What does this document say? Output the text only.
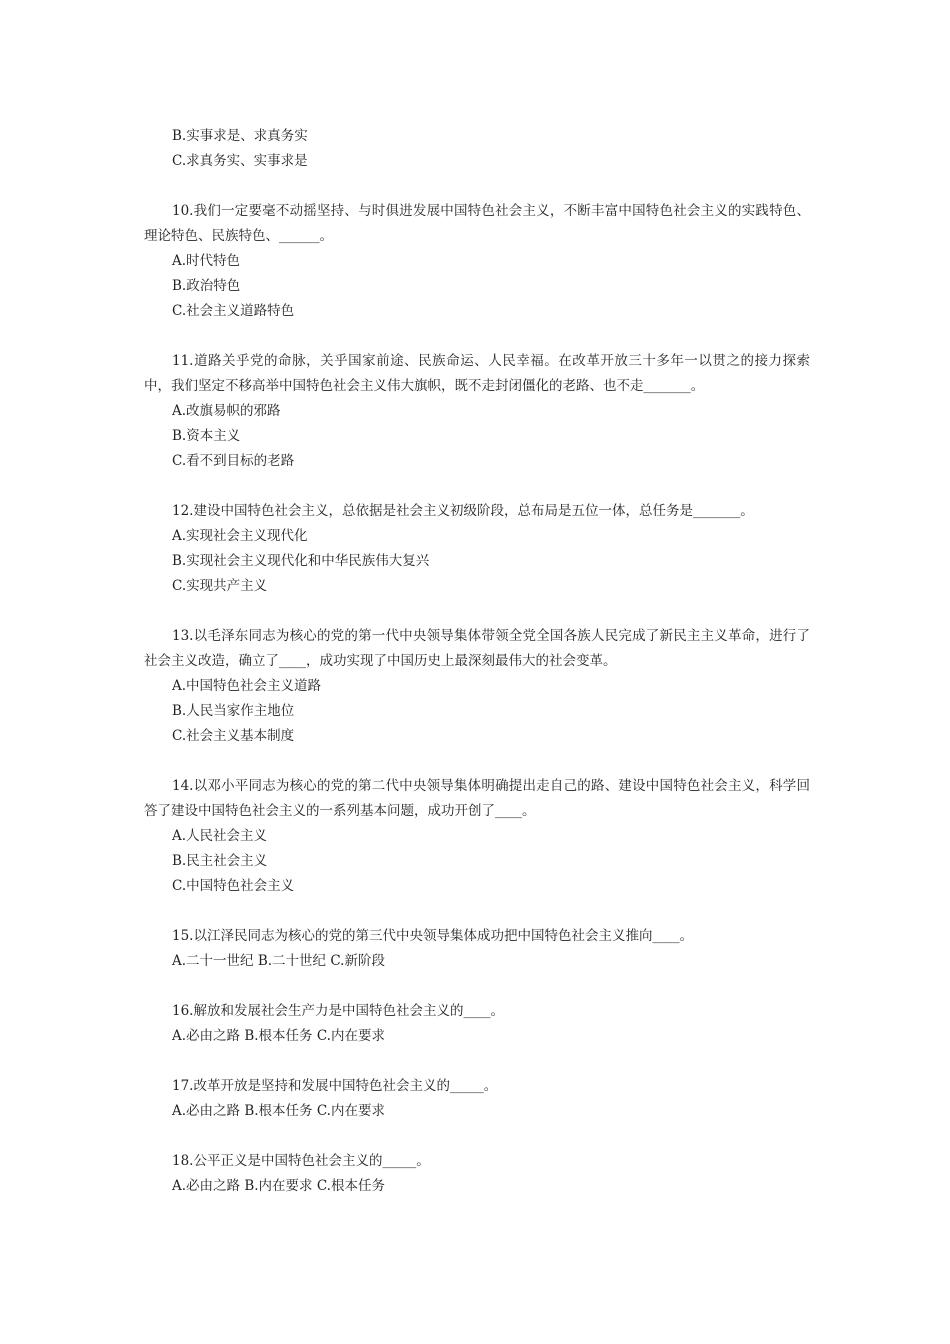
B.实事求是、求真务实
C.求真务实、实事求是
10.我们一定要毫不动摇坚持、与时俱进发展中国特色社会主义，不断丰富中国特色社会主义的实践特色、理论特色、民族特色、______。
A.时代特色
B.政治特色
C.社会主义道路特色
11.道路关乎党的命脉，关乎国家前途、民族命运、人民幸福。在改革开放三十多年一以贯之的接力探索中，我们坚定不移高举中国特色社会主义伟大旗帜，既不走封闭僵化的老路、也不走_______。
A.改旗易帜的邪路
B.资本主义
C.看不到目标的老路
12.建设中国特色社会主义，总依据是社会主义初级阶段，总布局是五位一体，总任务是_______。
A.实现社会主义现代化
B.实现社会主义现代化和中华民族伟大复兴
C.实现共产主义
13.以毛泽东同志为核心的党的第一代中央领导集体带领全党全国各族人民完成了新民主主义革命，进行了社会主义改造，确立了____，成功实现了中国历史上最深刻最伟大的社会变革。
A.中国特色社会主义道路
B.人民当家作主地位
C.社会主义基本制度
14.以邓小平同志为核心的党的第二代中央领导集体明确提出走自己的路、建设中国特色社会主义，科学回答了建设中国特色社会主义的一系列基本问题，成功开创了____。
A.人民社会主义
B.民主社会主义
C.中国特色社会主义
15.以江泽民同志为核心的党的第三代中央领导集体成功把中国特色社会主义推向____。
A.二十一世纪 B.二十世纪 C.新阶段
16.解放和发展社会生产力是中国特色社会主义的____。
A.必由之路 B.根本任务 C.内在要求
17.改革开放是坚持和发展中国特色社会主义的_____。
A.必由之路 B.根本任务 C.内在要求
18.公平正义是中国特色社会主义的_____。
A.必由之路 B.内在要求 C.根本任务
